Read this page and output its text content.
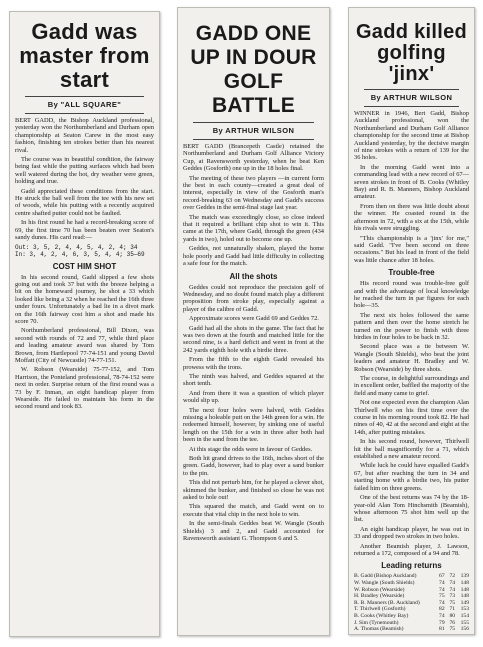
Gadd was master from start
By "ALL SQUARE"

BERT GADD, the Bishop Auckland professional, yesterday won the Northumberland and Durham open championship at Seaton Carew in the most easy fashion, finishing ten strokes better than his nearest rival.

The course was in beautiful condition, the fairway being fast while the putting surfaces which had been well watered during the hot, dry weather were green, holding and true.

Gadd appreciated these conditions from the start. He struck the ball well from the tee with his new set of woods, while his putting with a recently acquired centre shafted putter could not be faulted.

In his first round he had a record-breaking score of 69, the first time 70 has been beaten over Seaton's sandy dunes. His card read:—

Out: 3, 5, 2, 4, 4, 5, 4, 2, 4; 34
In: 3, 4, 2, 4, 6, 3, 5, 4, 4; 35—69
COST HIM SHOT

In his second round, Gadd slipped a few shots going out and took 37 but with the breeze helping a bit on the homeward journey, he shot a 33 which looked like being a 32 when he reached the 16th three under fours. Unfortunately a bad lie in a divot mark on the 16th fairway cost him a shot and made his score 70.

Northumberland professional, Bill Dixon, was second with rounds of 72 and 77, while third place and leading amateur award was shared by Tom Brown, from Hartlepool 77-74-151 and young David Moffatt (City of Newcastle) 74-77-151.

W. Robson (Wearside) 75-77-152, and Tom Harrison, the Ponteland professional, 78-74-152 were next in order. Surprise return of the first round was a 73 by F. Inman, an eight handicap player from Wearside. He failed to maintain his form in the second round and took 83.

GADD ONE UP IN DOUR GOLF BATTLE
By ARTHUR WILSON

BERT GADD (Brancepeth Castle) retained the Northumberland and Durham Golf Alliance Victory Cup, at Ravensworth yesterday, when he beat Ken Geddes (Gosforth) one up in the 18 holes final.

The meeting of these two players —in current form the best in each county—created a great deal of interest, especially in view of the Gosforth man's record-breaking 63 on Wednesday and Gadd's success over Geddes in the semi-final stage last year.

The match was exceedingly close, so close indeed that it required a brilliant chip shot to win it. This came at the 17th, where Gadd, through the green (434 yards in two), holed out to become one up.

Geddes, not unnaturally shaken, played the home hole poorly and Gadd had little difficulty in collecting a safe four for the match.

All the shots

Geddes could not reproduce the precision golf of Wednesday, and no doubt found match play a different proposition from stroke play, especially against a player of the calibre of Gadd.

Approximate scores were Gadd 69 and Geddes 72.

Gadd had all the shots in the game. The fact that he was two down at the fourth and matched little for the second nine, is a hard deficit and went in front at the 242 yards eighth hole with a birdie three.

From the fifth to the eighth Gadd revealed his prowess with the irons.

The ninth was halved, and Geddes squared at the short tenth.

And from there it was a question of which player would slip up.

The next four holes were halved, with Geddes missing a holeable putt on the 14th green for a win. He redeemed himself, however, by sinking one of useful length on the 15th for a win in three after both had been in the sand from the tee.

At this stage the odds were in favour of Geddes.

Both hit grand drives to the 16th, inches short of the green. Gadd, however, had to play over a sand bunker to the pin.

This did not perturb him, for he played a clever shot, skimmed the bunker, and finished so close he was not asked to hole out!

This squared the match, and Gadd went on to execute that vital chip in the next hole to win.

In the semi-finals Geddes beat W. Wangle (South Shields) 3 and 2, and Gadd accounted for Ravensworth assistant G. Thompson 6 and 5.

Gadd killed golfing 'jinx'
By ARTHUR WILSON

WINNER in 1946, Bert Gadd, Bishop Auckland professional, won the Northumberland and Durham Golf Alliance championship for the second time at Bishop Auckland yesterday, by the decisive margin of nine strokes with a return of 139 for the 36 holes.

In the morning Gadd went into a commanding lead with a new record of 67—seven strokes in front of B. Cooks (Whitley Bay) and R. B. Manners, Bishop Auckland amateur.

From then on there was little doubt about the winner. He coasted round in the afternoon in 72, with a six at the 15th, while his rivals were struggling.

"This championship is a 'jinx' for me," said Gadd. "I've been second on three occasions." But his lead in front of the field was little chance after 18 holes.

Trouble-free

His record round was trouble-free golf and with the advantage of local knowledge he reached the turn in par figures for each hole—35.

The next six holes followed the same pattern and then over the home stretch he turned on the power to finish with three birdies in four holes to be back in 32.

Second place was a tie between W. Wangle (South Shields), who beat the joint leaders and amateur H. Bradley and W. Robson (Wearside) by three shots.

The course, in delightful surroundings and in excellent order, baffled the majority of the field and many came to grief.

Not one expected even the champion Alan Thirlwell who on his first time over the course in his morning round took 82. He had nines of 40, 42 at the second and eight at the 14th, after putting mistakes.

In his second round, however, Thirlwell hit the ball magnificently for a 71, which established a new amateur record.

While luck he could have equalled Gadd's 67, but after reaching the turn in 34 and starting home with a birdie two, his putter failed him on three greens.

One of the best returns was 74 by the 18-year-old Alan Tom Hinchsmith (Beamish), whose afternoon 75 shot him well up the list.

An eight handicap player, he was out in 33 and dropped two strokes in two holes.

Another Beamish player, J. Lawson, returned a 172, composed of a 94 and 78.

Leading returns
B. Gadd (Bishop Auckland)	67	72	139
W. Wangle (South Shields)	74	74	148
W. Robson (Wearside)	74	74	148
H. Bradley (Wearside)	75	73	148
R. B. Manners (B. Auckland)	74	75	149
T. Thirlwell (Gosforth)	82	71	153
B. Cooks (Whitley Bay)	74	80	154
J. Sim (Tynemouth)	79	76	155
A. Thomas (Beamish)	81	75	156
